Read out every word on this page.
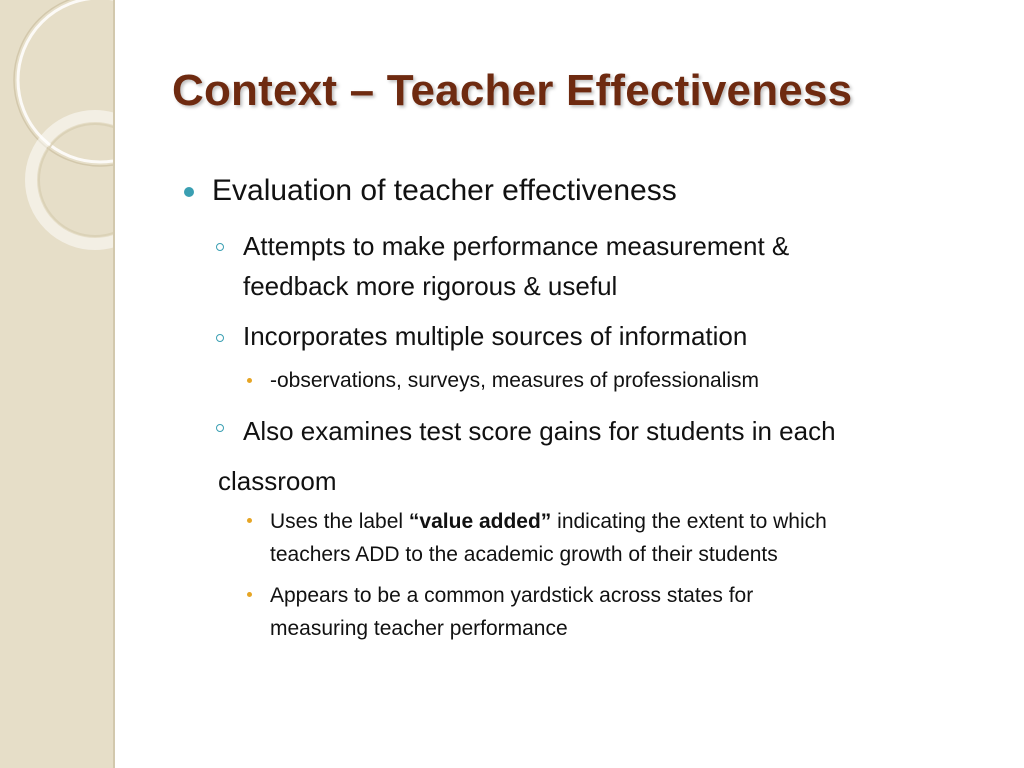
Context – Teacher Effectiveness
Evaluation of teacher effectiveness
Attempts to make performance measurement &
feedback more rigorous & useful
Incorporates multiple sources of information
-observations, surveys, measures of professionalism
Also examines test score gains for students in each
classroom
Uses the label “value added” indicating the extent to which
teachers ADD to the academic growth of their students
Appears to be a common yardstick across states for
measuring teacher performance
